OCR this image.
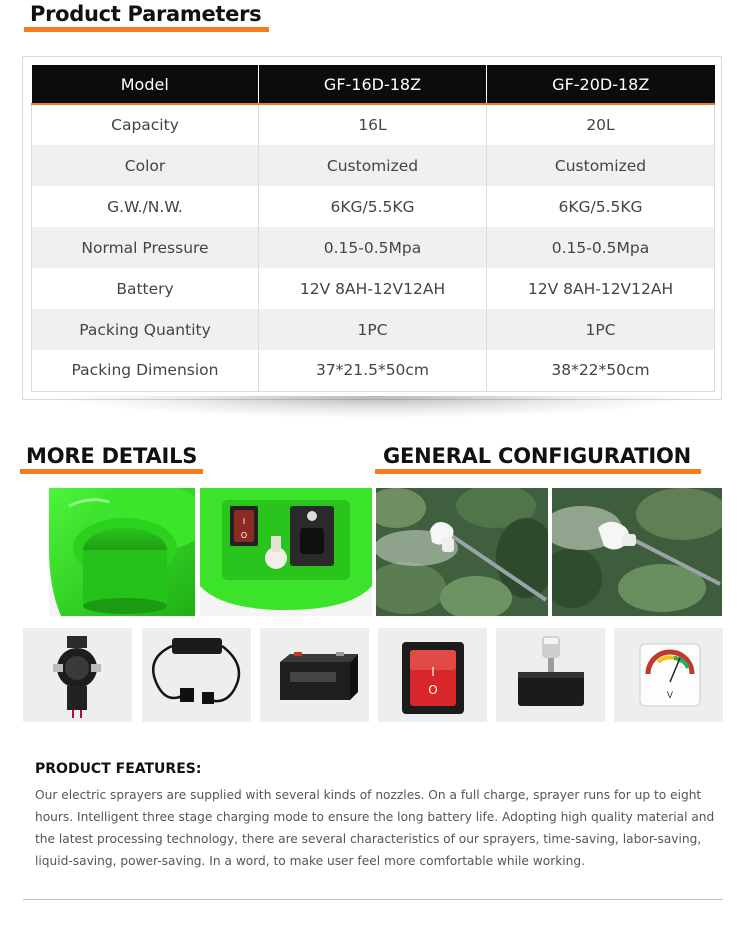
Product Parameters
Model	GF-16D-18Z	GF-20D-18Z
Capacity	16L	20L
Color	Customized	Customized
G.W./N.W.	6KG/5.5KG	6KG/5.5KG
Normal Pressure	0.15-0.5Mpa	0.15-0.5Mpa
Battery	12V 8AH-12V12AH	12V 8AH-12V12AH
Packing Quantity	1PC	1PC
Packing Dimension	37*21.5*50cm	38*22*50cm
MORE DETAILS	GENERAL CONFIGURATION
I
O
I
O	V
PRODUCT FEATURES:

Our electric sprayers are supplied with several kinds of nozzles. On a full charge, sprayer runs for up to eight hours. Intelligent three stage charging mode to ensure the long battery life. Adopting high quality material and the latest processing technology, there are several characteristics of our sprayers, time-saving, labor-saving, liquid-saving, power-saving. In a word, to make user feel more comfortable while working.
